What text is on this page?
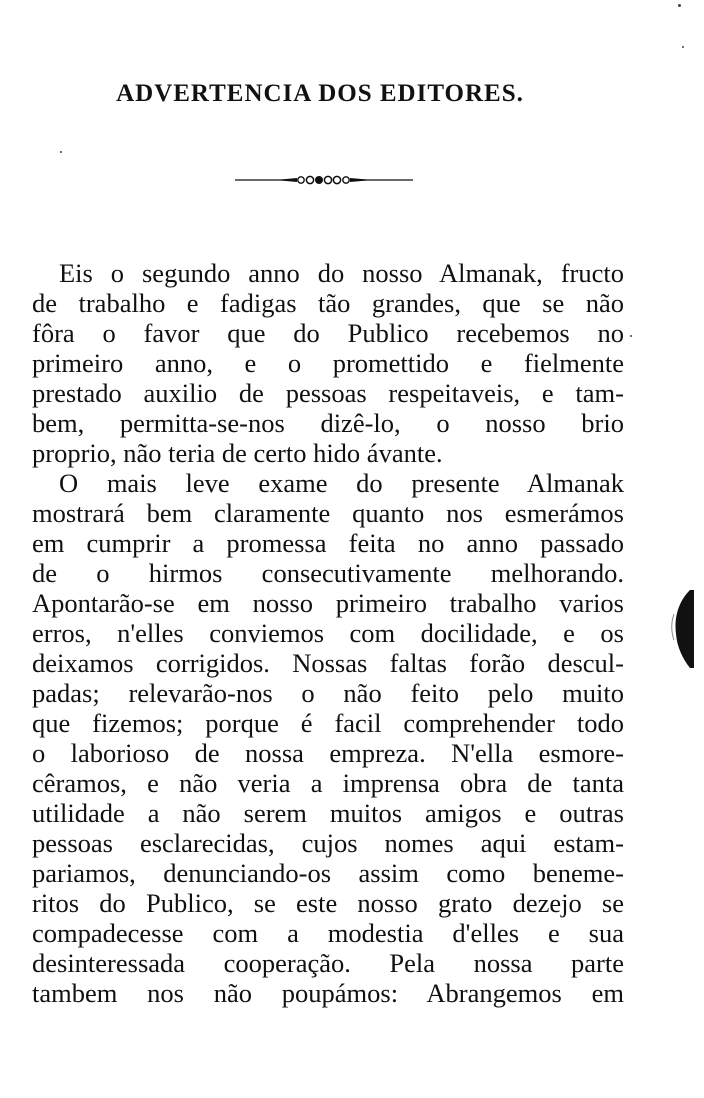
ADVERTENCIA DOS EDITORES.
Eis o segundo anno do nosso Almanak, fructo
de trabalho e fadigas tão grandes, que se não
fôra o favor que do Publico recebemos no
primeiro anno, e o promettido e fielmente
prestado auxilio de pessoas respeitaveis, e tam-
bem, permitta-se-nos dizê-lo, o nosso brio
proprio, não teria de certo hido ávante.
O mais leve exame do presente Almanak
mostrará bem claramente quanto nos esmerámos
em cumprir a promessa feita no anno passado
de o hirmos consecutivamente melhorando.
Apontarão-se em nosso primeiro trabalho varios
erros, n'elles conviemos com docilidade, e os
deixamos corrigidos. Nossas faltas forão descul-
padas; relevarão-nos o não feito pelo muito
que fizemos; porque é facil comprehender todo
o laborioso de nossa empreza. N'ella esmore-
cêramos, e não veria a imprensa obra de tanta
utilidade a não serem muitos amigos e outras
pessoas esclarecidas, cujos nomes aqui estam-
pariamos, denunciando-os assim como beneme-
ritos do Publico, se este nosso grato dezejo se
compadecesse com a modestia d'elles e sua
desinteressada cooperação. Pela nossa parte
tambem nos não poupámos: Abrangemos em
